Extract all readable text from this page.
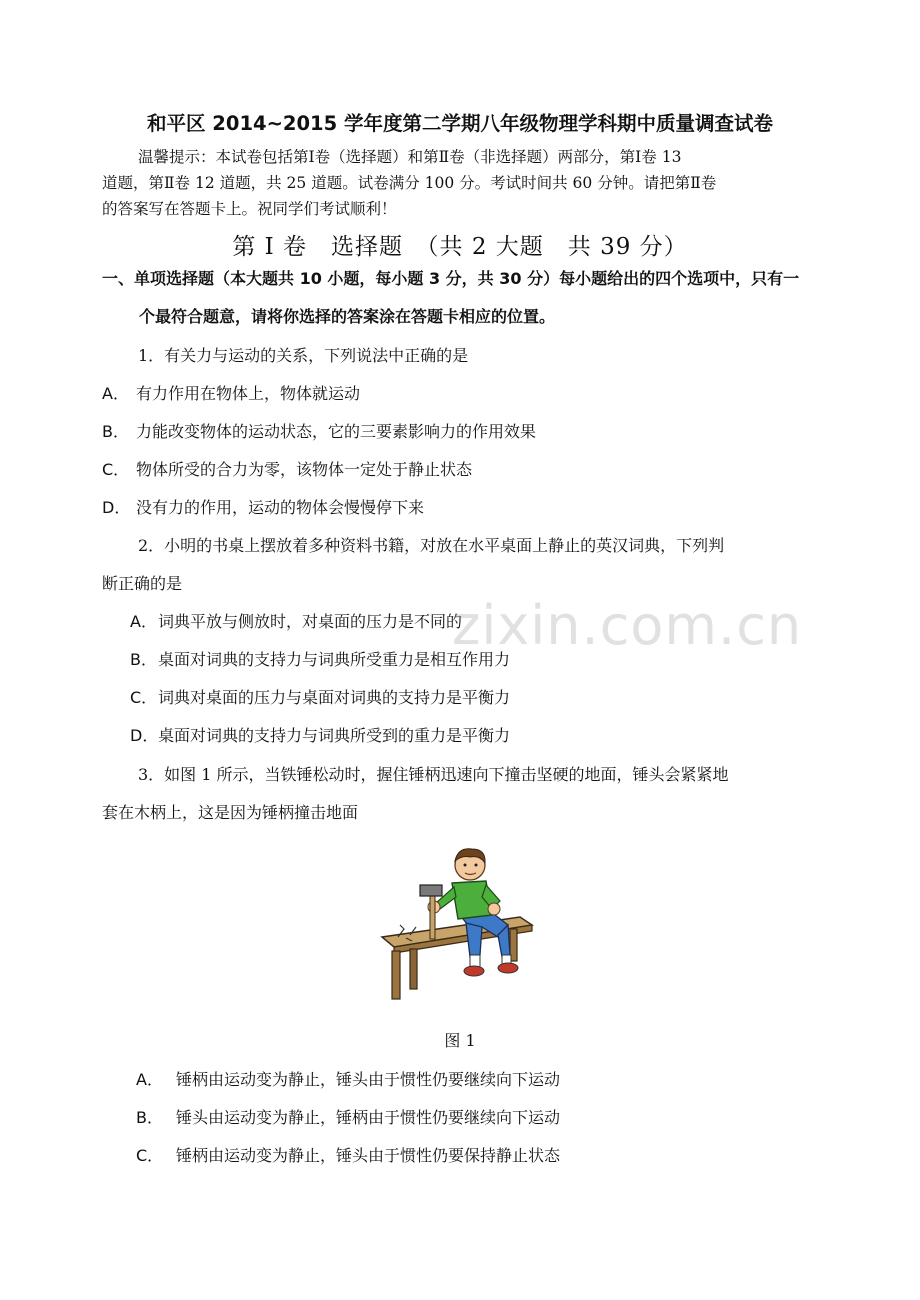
和平区 2014~2015 学年度第二学期八年级物理学科期中质量调查试卷

温馨提示：本试卷包括第Ⅰ卷（选择题）和第Ⅱ卷（非选择题）两部分，第Ⅰ卷 13

道题，第Ⅱ卷 12 道题，共 25 道题。试卷满分 100 分。考试时间共 60 分钟。请把第Ⅱ卷

的答案写在答题卡上。祝同学们考试顺利！

第 Ⅰ 卷　选择题　（共 2 大题　共 39 分）
一、单项选择题（本大题共 10 小题，每小题 3 分，共 30 分）每小题给出的四个选项中，只有一
个最符合题意，请将你选择的答案涂在答题卡相应的位置。
1．有关力与运动的关系，下列说法中正确的是
A． 有力作用在物体上，物体就运动
B． 力能改变物体的运动状态，它的三要素影响力的作用效果
C． 物体所受的合力为零，该物体一定处于静止状态
D． 没有力的作用，运动的物体会慢慢停下来
2．小明的书桌上摆放着多种资料书籍，对放在水平桌面上静止的英汉词典，下列判
断正确的是
A．词典平放与侧放时，对桌面的压力是不同的
B．桌面对词典的支持力与词典所受重力是相互作用力
C．词典对桌面的压力与桌面对词典的支持力是平衡力
D．桌面对词典的支持力与词典所受到的重力是平衡力
3．如图 1 所示，当铁锤松动时，握住锤柄迅速向下撞击坚硬的地面，锤头会紧紧地
套在木柄上，这是因为锤柄撞击地面
图 1
A． 锤柄由运动变为静止，锤头由于惯性仍要继续向下运动
B． 锤头由运动变为静止，锤柄由于惯性仍要继续向下运动
C． 锤柄由运动变为静止，锤头由于惯性仍要保持静止状态
zixin.com.cn
